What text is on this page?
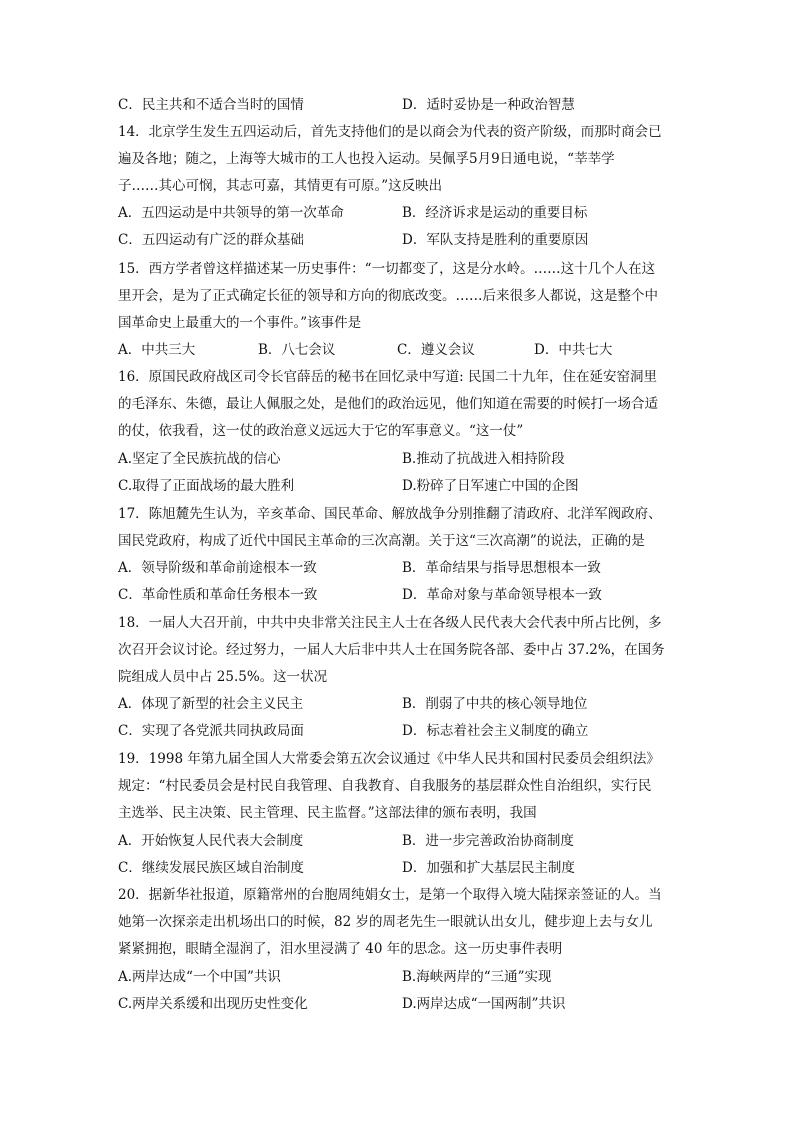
C．民主共和不适合当时的国情	D．适时妥协是一种政治智慧
14．北京学生发生五四运动后，首先支持他们的是以商会为代表的资产阶级，而那时商会已
遍及各地；随之，上海等大城市的工人也投入运动。吴佩孚5月9日通电说，“莘莘学
子……其心可悯，其志可嘉，其情更有可原。”这反映出
A．五四运动是中共领导的第一次革命	B．经济诉求是运动的重要目标
C．五四运动有广泛的群众基础	D．军队支持是胜利的重要原因
15．西方学者曾这样描述某一历史事件：“一切都变了，这是分水岭。……这十几个人在这
里开会，是为了正式确定长征的领导和方向的彻底改变。……后来很多人都说，这是整个中
国革命史上最重大的一个事件。”该事件是
A．中共三大	B．八七会议	C．遵义会议	D．中共七大
16．原国民政府战区司令长官薛岳的秘书在回忆录中写道: 民国二十九年，住在延安窑洞里
的毛泽东、朱德，最让人佩服之处，是他们的政治远见，他们知道在需要的时候打一场合适
的仗，依我看，这一仗的政治意义远远大于它的军事意义。“这一仗”
A.坚定了全民族抗战的信心	B.推动了抗战进入相持阶段
C.取得了正面战场的最大胜利	D.粉碎了日军速亡中国的企图
17．陈旭麓先生认为，辛亥革命、国民革命、解放战争分别推翻了清政府、北洋军阀政府、
国民党政府，构成了近代中国民主革命的三次高潮。关于这“三次高潮”的说法，正确的是
A．领导阶级和革命前途根本一致	B．革命结果与指导思想根本一致
C．革命性质和革命任务根本一致	D．革命对象与革命领导根本一致
18．一届人大召开前，中共中央非常关注民主人士在各级人民代表大会代表中所占比例，多
次召开会议讨论。经过努力，一届人大后非中共人士在国务院各部、委中占 37.2%，在国务
院组成人员中占 25.5%。这一状况
A．体现了新型的社会主义民主	B．削弱了中共的核心领导地位
C．实现了各党派共同执政局面	D．标志着社会主义制度的确立
19．1998 年第九届全国人大常委会第五次会议通过《中华人民共和国村民委员会组织法》
规定：“村民委员会是村民自我管理、自我教育、自我服务的基层群众性自治组织，实行民
主选举、民主决策、民主管理、民主监督。”这部法律的颁布表明，我国
A．开始恢复人民代表大会制度	B．进一步完善政治协商制度
C．继续发展民族区域自治制度	D．加强和扩大基层民主制度
20．据新华社报道，原籍常州的台胞周纯娟女士，是第一个取得入境大陆探亲签证的人。当
她第一次探亲走出机场出口的时候，82 岁的周老先生一眼就认出女儿，健步迎上去与女儿
紧紧拥抱，眼睛全湿润了，泪水里浸满了 40 年的思念。这一历史事件表明
A.两岸达成“一个中国”共识	B.海峡两岸的“三通”实现
C.两岸关系缓和出现历史性变化	D.两岸达成“一国两制”共识
